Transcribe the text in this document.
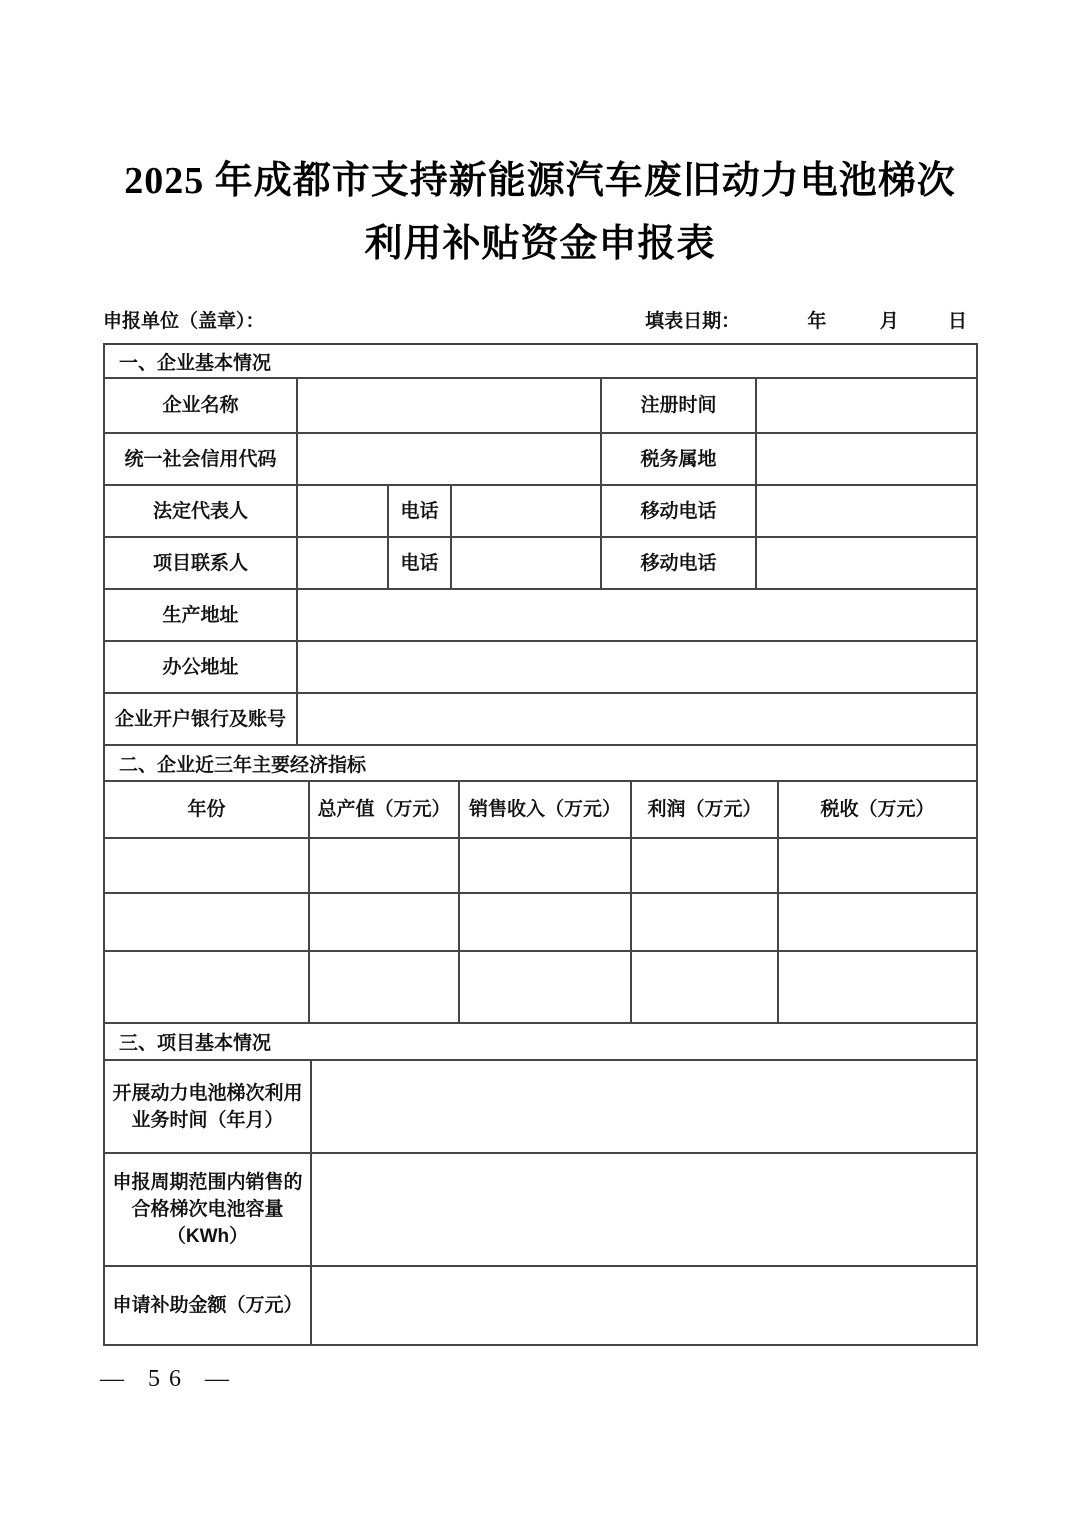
2025 年成都市支持新能源汽车废旧动力电池梯次
利用补贴资金申报表
申报单位（盖章）：	填表日期：	年	月	日
一、企业基本情况
企业名称	注册时间
统一社会信用代码	税务属地
法定代表人	电话	移动电话
项目联系人	电话	移动电话
生产地址
办公地址
企业开户银行及账号
二、企业近三年主要经济指标
年份	总产值（万元） 销售收入（万元）	利润（万元）	税收（万元）
三、项目基本情况
开展动力电池梯次利用
业务时间（年月）
申报周期范围内销售的
合格梯次电池容量
（KWh）
申请补助金额（万元）
— 56 —
